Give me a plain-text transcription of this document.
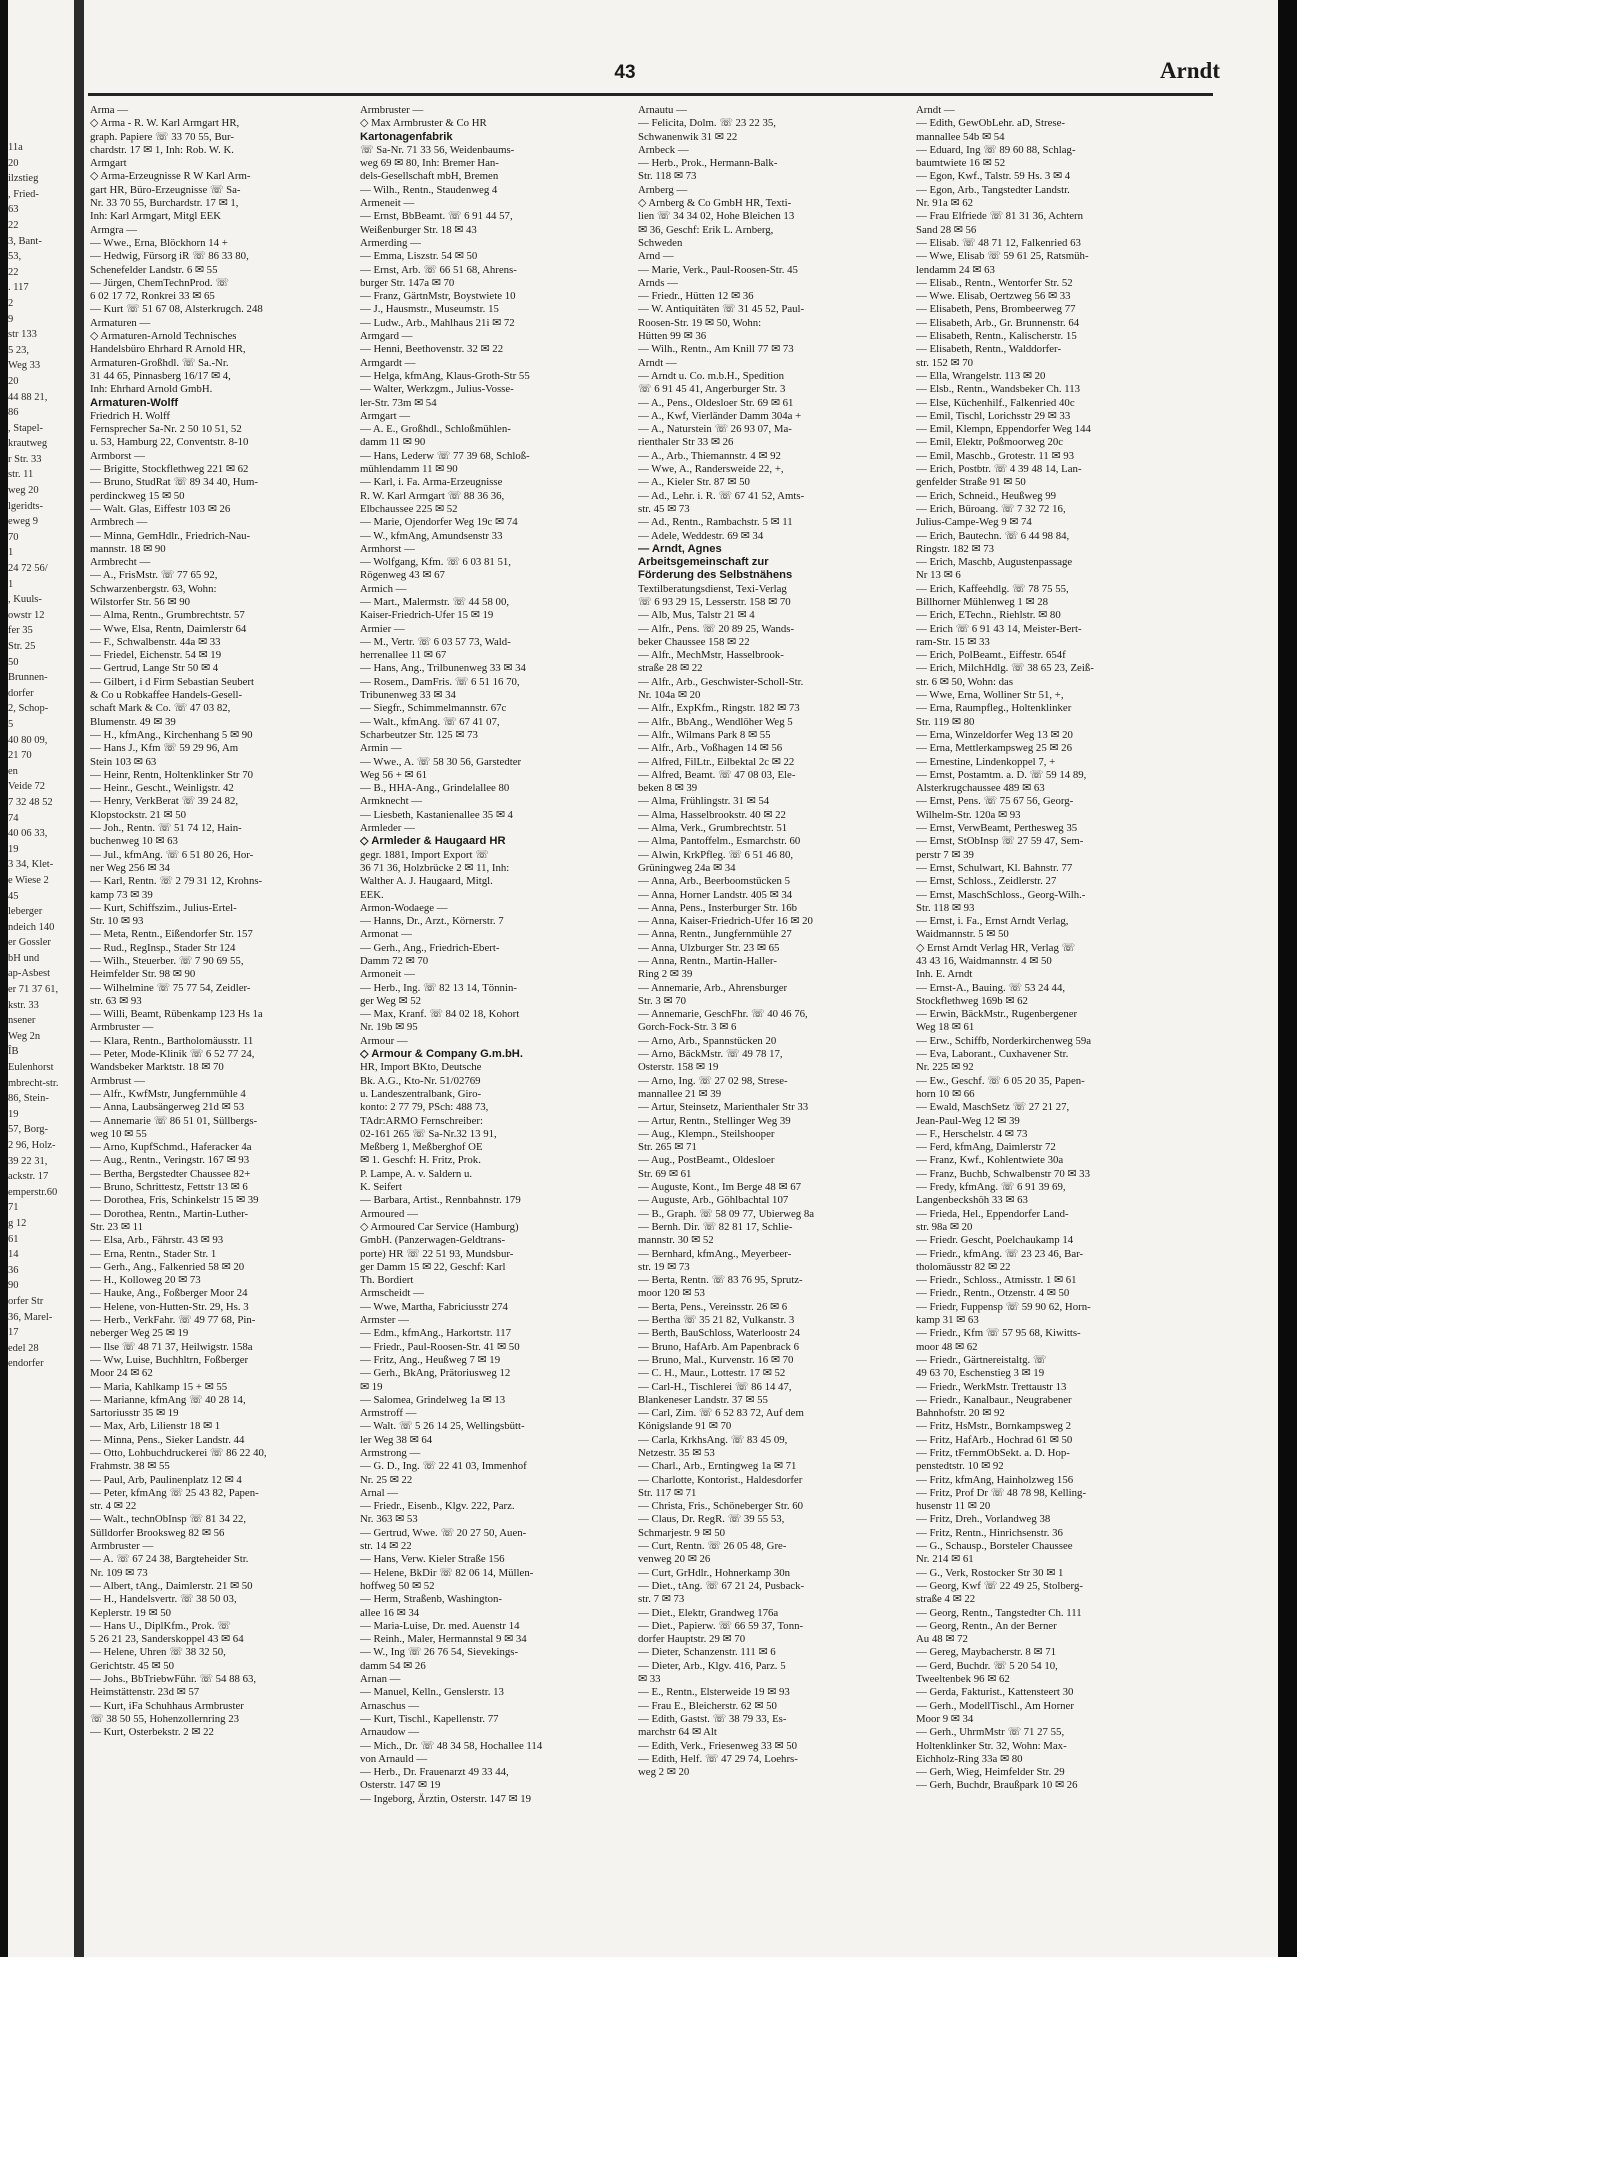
11a
20
ilzstieg
, Fried-
63
22
3, Bant-
53,
22
. 117
2
9
str 133
5 23,
Weg 33
20
44 88 21,
86
, Stapel-
krautweg
r Str. 33
str. 11
weg 20
lgeridts-
eweg 9
70
1
24 72 56/
1
, Kuuls-
owstr 12
fer 35
Str. 25
50
Brunnen-
dorfer
2, Schop-
5
40 80 09,
21 70
en
Veide 72
7 32 48 52
74
40 06 33,
19
3 34, Klet-
e Wiese 2
45
leberger
ndeich 140
er Gossler
bH und
ap-Asbest
er 71 37 61,
kstr. 33
nsener
Weg 2n
ÎB
Eulenhorst
mbrecht-str.
86, Stein-
19
57, Borg-
2 96, Holz-
39 22 31,
ackstr. 17
emperstr.60
71
g 12
61
14
36
90
orfer Str
36, Marel-
17
edel 28
endorfer
43	Arndt
Arma —
◇ Arma - R. W. Karl Armgart HR,
graph. Papiere ☏ 33 70 55, Bur-
chardstr. 17 ✉ 1, Inh: Rob. W. K.
Armgart
◇ Arma-Erzeugnisse R W Karl Arm-
gart HR, Büro-Erzeugnisse ☏ Sa-
Nr. 33 70 55, Burchardstr. 17 ✉ 1,
Inh: Karl Armgart, Mitgl EEK
Armgra —
— Wwe., Erna, Blöckhorn 14 +
— Hedwig, Fürsorg iR ☏ 86 33 80,
Schenefelder Landstr. 6 ✉ 55
— Jürgen, ChemTechnProd. ☏
6 02 17 72, Ronkrei 33 ✉ 65
— Kurt ☏ 51 67 08, Alsterkrugch. 248
Armaturen —
◇ Armaturen-Arnold Technisches
Handelsbüro Ehrhard R Arnold HR,
Armaturen-Großhdl. ☏ Sa.-Nr.
31 44 65, Pinnasberg 16/17 ✉ 4,
Inh: Ehrhard Arnold GmbH.
Armaturen-Wolff
Friedrich H. Wolff
Fernsprecher Sa-Nr. 2 50 10 51, 52
u. 53, Hamburg 22, Conventstr. 8-10
Armborst —
— Brigitte, Stockflethweg 221 ✉ 62
— Bruno, StudRat ☏ 89 34 40, Hum-
perdinckweg 15 ✉ 50
— Walt. Glas, Eiffestr 103 ✉ 26
Armbrech —
— Minna, GemHdlr., Friedrich-Nau-
mannstr. 18 ✉ 90
Armbrecht —
— A., FrisMstr. ☏ 77 65 92,
Schwarzenbergstr. 63, Wohn:
Wilstorfer Str. 56 ✉ 90
— Alma, Rentn., Grumbrechtstr. 57
— Wwe, Elsa, Rentn, Daimlerstr 64
— F., Schwalbenstr. 44a ✉ 33
— Friedel, Eichenstr. 54 ✉ 19
— Gertrud, Lange Str 50 ✉ 4
— Gilbert, i d Firm Sebastian Seubert
& Co u Robkaffee Handels-Gesell-
schaft Mark & Co. ☏ 47 03 82,
Blumenstr. 49 ✉ 39
— H., kfmAng., Kirchenhang 5 ✉ 90
— Hans J., Kfm ☏ 59 29 96, Am
Stein 103 ✉ 63
— Heinr, Rentn, Holtenklinker Str 70
— Heinr., Gescht., Weinligstr. 42
— Henry, VerkBerat ☏ 39 24 82,
Klopstockstr. 21 ✉ 50
— Joh., Rentn. ☏ 51 74 12, Hain-
buchenweg 10 ✉ 63
— Jul., kfmAng. ☏ 6 51 80 26, Hor-
ner Weg 256 ✉ 34
— Karl, Rentn. ☏ 2 79 31 12, Krohns-
kamp 73 ✉ 39
— Kurt, Schiffszim., Julius-Ertel-
Str. 10 ✉ 93
— Meta, Rentn., Eißendorfer Str. 157
— Rud., RegInsp., Stader Str 124
— Wilh., Steuerber. ☏ 7 90 69 55,
Heimfelder Str. 98 ✉ 90
— Wilhelmine ☏ 75 77 54, Zeidler-
str. 63 ✉ 93
— Willi, Beamt, Rübenkamp 123 Hs 1a
Armbruster —
— Klara, Rentn., Bartholomäusstr. 11
— Peter, Mode-Klinik ☏ 6 52 77 24,
Wandsbeker Marktstr. 18 ✉ 70
Armbrust —
— Alfr., KwfMstr, Jungfernmühle 4
— Anna, Laubsängerweg 21d ✉ 53
— Annemarie ☏ 86 51 01, Süllbergs-
weg 10 ✉ 55
— Arno, KupfSchmd., Haferacker 4a
— Aug., Rentn., Veringstr. 167 ✉ 93
— Bertha, Bergstedter Chaussee 82+
— Bruno, Schrittestz, Fettstr 13 ✉ 6
— Dorothea, Fris, Schinkelstr 15 ✉ 39
— Dorothea, Rentn., Martin-Luther-
Str. 23 ✉ 11
— Elsa, Arb., Fährstr. 43 ✉ 93
— Erna, Rentn., Stader Str. 1
— Gerh., Ang., Falkenried 58 ✉ 20
— H., Kolloweg 20 ✉ 73
— Hauke, Ang., Foßberger Moor 24
— Helene, von-Hutten-Str. 29, Hs. 3
— Herb., VerkFahr. ☏ 49 77 68, Pin-
neberger Weg 25 ✉ 19
— Ilse ☏ 48 71 37, Heilwigstr. 158a
— Ww, Luise, Buchhltrn, Foßberger
Moor 24 ✉ 62
— Maria, Kahlkamp 15 + ✉ 55
— Marianne, kfmAng ☏ 40 28 14,
Sartoriusstr 35 ✉ 19
— Max, Arb, Lilienstr 18 ✉ 1
— Minna, Pens., Sieker Landstr. 44
— Otto, Lohbuchdruckerei ☏ 86 22 40,
Frahmstr. 38 ✉ 55
— Paul, Arb, Paulinenplatz 12 ✉ 4
— Peter, kfmAng ☏ 25 43 82, Papen-
str. 4 ✉ 22
— Walt., technObInsp ☏ 81 34 22,
Sülldorfer Brooksweg 82 ✉ 56
Armbruster —
— A. ☏ 67 24 38, Bargteheider Str.
Nr. 109 ✉ 73
— Albert, tAng., Daimlerstr. 21 ✉ 50
— H., Handelsvertr. ☏ 38 50 03,
Keplerstr. 19 ✉ 50
— Hans U., DiplKfm., Prok. ☏
5 26 21 23, Sanderskoppel 43 ✉ 64
— Helene, Uhren ☏ 38 32 50,
Gerichtstr. 45 ✉ 50
— Johs., BbTriebwFühr. ☏ 54 88 63,
Heimstättenstr. 23d ✉ 57
— Kurt, iFa Schuhhaus Armbruster
☏ 38 50 55, Hohenzollernring 23
— Kurt, Osterbekstr. 2 ✉ 22
Armbruster —
◇ Max Armbruster & Co HR
Kartonagenfabrik
☏ Sa-Nr. 71 33 56, Weidenbaums-
weg 69 ✉ 80, Inh: Bremer Han-
dels-Gesellschaft mbH, Bremen
— Wilh., Rentn., Staudenweg 4
Armeneit —
— Ernst, BbBeamt. ☏ 6 91 44 57,
Weißenburger Str. 18 ✉ 43
Armerding —
— Emma, Liszstr. 54 ✉ 50
— Ernst, Arb. ☏ 66 51 68, Ahrens-
burger Str. 147a ✉ 70
— Franz, GärtnMstr, Boystwiete 10
— J., Hausmstr., Museumstr. 15
— Ludw., Arb., Mahlhaus 21i ✉ 72
Armgard —
— Henni, Beethovenstr. 32 ✉ 22
Armgardt —
— Helga, kfmAng, Klaus-Groth-Str 55
— Walter, Werkzgm., Julius-Vosse-
ler-Str. 73m ✉ 54
Armgart —
— A. E., Großhdl., Schloßmühlen-
damm 11 ✉ 90
— Hans, Lederw ☏ 77 39 68, Schloß-
mühlendamm 11 ✉ 90
— Karl, i. Fa. Arma-Erzeugnisse
R. W. Karl Armgart ☏ 88 36 36,
Elbchaussee 225 ✉ 52
— Marie, Ojendorfer Weg 19c ✉ 74
— W., kfmAng, Amundsenstr 33
Armhorst —
— Wolfgang, Kfm. ☏ 6 03 81 51,
Rögenweg 43 ✉ 67
Armich —
— Mart., Malermstr. ☏ 44 58 00,
Kaiser-Friedrich-Ufer 15 ✉ 19
Armier —
— M., Vertr. ☏ 6 03 57 73, Wald-
herrenallee 11 ✉ 67
— Hans, Ang., Trilbunenweg 33 ✉ 34
— Rosem., DamFris. ☏ 6 51 16 70,
Tribunenweg 33 ✉ 34
— Siegfr., Schimmelmannstr. 67c
— Walt., kfmAng. ☏ 67 41 07,
Scharbeutzer Str. 125 ✉ 73
Armin —
— Wwe., A. ☏ 58 30 56, Garstedter
Weg 56 + ✉ 61
— B., HHA-Ang., Grindelallee 80
Armknecht —
— Liesbeth, Kastanienallee 35 ✉ 4
Armleder —
◇ Armleder & Haugaard HR
gegr. 1881, Import Export ☏
36 71 36, Holzbrücke 2 ✉ 11, Inh:
Walther A. J. Haugaard, Mitgl.
EEK.
Armon-Wodaege —
— Hanns, Dr., Arzt., Körnerstr. 7
Armonat —
— Gerh., Ang., Friedrich-Ebert-
Damm 72 ✉ 70
Armoneit —
— Herb., Ing. ☏ 82 13 14, Tönnin-
ger Weg ✉ 52
— Max, Kranf. ☏ 84 02 18, Kohort
Nr. 19b ✉ 95
Armour —
◇ Armour & Company G.m.bH.
HR, Import BKto, Deutsche
Bk. A.G., Kto-Nr. 51/02769
u. Landeszentralbank, Giro-
konto: 2 77 79, PSch: 488 73,
TAdr:ARMO Fernschreiber:
02-161 265 ☏ Sa-Nr.32 13 91,
Meßberg 1, Meßberghof OE
✉ 1. Geschf: H. Fritz, Prok.
P. Lampe, A. v. Saldern u.
K. Seifert
— Barbara, Artist., Rennbahnstr. 179
Armoured —
◇ Armoured Car Service (Hamburg)
GmbH. (Panzerwagen-Geldtrans-
porte) HR ☏ 22 51 93, Mundsbur-
ger Damm 15 ✉ 22, Geschf: Karl
Th. Bordiert
Armscheidt —
— Wwe, Martha, Fabriciusstr 274
Armster —
— Edm., kfmAng., Harkortstr. 117
— Friedr., Paul-Roosen-Str. 41 ✉ 50
— Fritz, Ang., Heußweg 7 ✉ 19
— Gerh., BkAng, Prätoriusweg 12
✉ 19
— Salomea, Grindelweg 1a ✉ 13
Armstroff —
— Walt. ☏ 5 26 14 25, Wellingsbütt-
ler Weg 38 ✉ 64
Armstrong —
— G. D., Ing. ☏ 22 41 03, Immenhof
Nr. 25 ✉ 22
Arnal —
— Friedr., Eisenb., Klgv. 222, Parz.
Nr. 363 ✉ 53
— Gertrud, Wwe. ☏ 20 27 50, Auen-
str. 14 ✉ 22
— Hans, Verw. Kieler Straße 156
— Helene, BkDir ☏ 82 06 14, Müllen-
hoffweg 50 ✉ 52
— Herm, Straßenb, Washington-
allee 16 ✉ 34
— Maria-Luise, Dr. med. Auenstr 14
— Reinh., Maler, Hermannstal 9 ✉ 34
— W., Ing ☏ 26 76 54, Sievekings-
damm 54 ✉ 26
Arnan —
— Manuel, Kelln., Genslerstr. 13
Arnaschus —
— Kurt, Tischl., Kapellenstr. 77
Arnaudow —
— Mich., Dr. ☏ 48 34 58, Hochallee 114
von Arnauld —
— Herb., Dr. Frauenarzt 49 33 44,
Osterstr. 147 ✉ 19
— Ingeborg, Ärztin, Osterstr. 147 ✉ 19
Arnautu —
— Felicita, Dolm. ☏ 23 22 35,
Schwanenwik 31 ✉ 22
Arnbeck —
— Herb., Prok., Hermann-Balk-
Str. 118 ✉ 73
Arnberg —
◇ Arnberg & Co GmbH HR, Texti-
lien ☏ 34 34 02, Hohe Bleichen 13
✉ 36, Geschf: Erik L. Arnberg,
Schweden
Arnd —
— Marie, Verk., Paul-Roosen-Str. 45
Arnds —
— Friedr., Hütten 12 ✉ 36
— W. Antiquitäten ☏ 31 45 52, Paul-
Roosen-Str. 19 ✉ 50, Wohn:
Hütten 99 ✉ 36
— Wilh., Rentn., Am Knill 77 ✉ 73
Arndt —
— Arndt u. Co. m.b.H., Spedition
☏ 6 91 45 41, Angerburger Str. 3
— A., Pens., Oldesloer Str. 69 ✉ 61
— A., Kwf, Vierländer Damm 304a +
— A., Naturstein ☏ 26 93 07, Ma-
rienthaler Str 33 ✉ 26
— A., Arb., Thiemannstr. 4 ✉ 92
— Wwe, A., Randersweide 22, +,
— A., Kieler Str. 87 ✉ 50
— Ad., Lehr. i. R. ☏ 67 41 52, Amts-
str. 45 ✉ 73
— Ad., Rentn., Rambachstr. 5 ✉ 11
— Adele, Weddestr. 69 ✉ 34
— Arndt, Agnes
Arbeitsgemeinschaft zur
Förderung des Selbstnähens
Textilberatungsdienst, Texi-Verlag
☏ 6 93 29 15, Lesserstr. 158 ✉ 70
— Alb, Mus, Talstr 21 ✉ 4
— Alfr., Pens. ☏ 20 89 25, Wands-
beker Chaussee 158 ✉ 22
— Alfr., MechMstr, Hasselbrook-
straße 28 ✉ 22
— Alfr., Arb., Geschwister-Scholl-Str.
Nr. 104a ✉ 20
— Alfr., ExpKfm., Ringstr. 182 ✉ 73
— Alfr., BbAng., Wendlöher Weg 5
— Alfr., Wilmans Park 8 ✉ 55
— Alfr., Arb., Voßhagen 14 ✉ 56
— Alfred, FilLtr., Eilbektal 2c ✉ 22
— Alfred, Beamt. ☏ 47 08 03, Ele-
beken 8 ✉ 39
— Alma, Frühlingstr. 31 ✉ 54
— Alma, Hasselbrookstr. 40 ✉ 22
— Alma, Verk., Grumbrechtstr. 51
— Alma, Pantoffelm., Esmarchstr. 60
— Alwin, KrkPfleg. ☏ 6 51 46 80,
Grüningweg 24a ✉ 34
— Anna, Arb., Beerboomstücken 5
— Anna, Horner Landstr. 405 ✉ 34
— Anna, Pens., Insterburger Str. 16b
— Anna, Kaiser-Friedrich-Ufer 16 ✉ 20
— Anna, Rentn., Jungfernmühle 27
— Anna, Ulzburger Str. 23 ✉ 65
— Anna, Rentn., Martin-Haller-
Ring 2 ✉ 39
— Annemarie, Arb., Ahrensburger
Str. 3 ✉ 70
— Annemarie, GeschFhr. ☏ 40 46 76,
Gorch-Fock-Str. 3 ✉ 6
— Arno, Arb., Spannstücken 20
— Arno, BäckMstr. ☏ 49 78 17,
Osterstr. 158 ✉ 19
— Arno, Ing. ☏ 27 02 98, Strese-
mannallee 21 ✉ 39
— Artur, Steinsetz, Marienthaler Str 33
— Artur, Rentn., Stellinger Weg 39
— Aug., Klempn., Steilshooper
Str. 265 ✉ 71
— Aug., PostBeamt., Oldesloer
Str. 69 ✉ 61
— Auguste, Kont., Im Berge 48 ✉ 67
— Auguste, Arb., Göhlbachtal 107
— B., Graph. ☏ 58 09 77, Ubierweg 8a
— Bernh. Dir. ☏ 82 81 17, Schlie-
mannstr. 30 ✉ 52
— Bernhard, kfmAng., Meyerbeer-
str. 19 ✉ 73
— Berta, Rentn. ☏ 83 76 95, Sprutz-
moor 120 ✉ 53
— Berta, Pens., Vereinsstr. 26 ✉ 6
— Bertha ☏ 35 21 82, Vulkanstr. 3
— Berth, BauSchloss, Waterloostr 24
— Bruno, HafArb. Am Papenbrack 6
— Bruno, Mal., Kurvenstr. 16 ✉ 70
— C. H., Maur., Lottestr. 17 ✉ 52
— Carl-H., Tischlerei ☏ 86 14 47,
Blankeneser Landstr. 37 ✉ 55
— Carl, Zim. ☏ 6 52 83 72, Auf dem
Königslande 91 ✉ 70
— Carla, KrkhsAng. ☏ 83 45 09,
Netzestr. 35 ✉ 53
— Charl., Arb., Erntingweg 1a ✉ 71
— Charlotte, Kontorist., Haldesdorfer
Str. 117 ✉ 71
— Christa, Fris., Schöneberger Str. 60
— Claus, Dr. RegR. ☏ 39 55 53,
Schmarjestr. 9 ✉ 50
— Curt, Rentn. ☏ 26 05 48, Gre-
venweg 20 ✉ 26
— Curt, GrHdlr., Hohnerkamp 30n
— Diet., tAng. ☏ 67 21 24, Pusback-
str. 7 ✉ 73
— Diet., Elektr, Grandweg 176a
— Diet., Papierw. ☏ 66 59 37, Tonn-
dorfer Hauptstr. 29 ✉ 70
— Dieter, Schanzenstr. 111 ✉ 6
— Dieter, Arb., Klgv. 416, Parz. 5
✉ 33
— E., Rentn., Elsterweide 19 ✉ 93
— Frau E., Bleicherstr. 62 ✉ 50
— Edith, Gastst. ☏ 38 79 33, Es-
marchstr 64 ✉ Alt
— Edith, Verk., Friesenweg 33 ✉ 50
— Edith, Helf. ☏ 47 29 74, Loehrs-
weg 2 ✉ 20
Arndt —
— Edith, GewObLehr. aD, Strese-
mannallee 54b ✉ 54
— Eduard, Ing ☏ 89 60 88, Schlag-
baumtwiete 16 ✉ 52
— Egon, Kwf., Talstr. 59 Hs. 3 ✉ 4
— Egon, Arb., Tangstedter Landstr.
Nr. 91a ✉ 62
— Frau Elfriede ☏ 81 31 36, Achtern
Sand 28 ✉ 56
— Elisab. ☏ 48 71 12, Falkenried 63
— Wwe, Elisab ☏ 59 61 25, Ratsmüh-
lendamm 24 ✉ 63
— Elisab., Rentn., Wentorfer Str. 52
— Wwe. Elisab, Oertzweg 56 ✉ 33
— Elisabeth, Pens, Brombeerweg 77
— Elisabeth, Arb., Gr. Brunnenstr. 64
— Elisabeth, Rentn., Kalischerstr. 15
— Elisabeth, Rentn., Walddorfer-
str. 152 ✉ 70
— Ella, Wrangelstr. 113 ✉ 20
— Elsb., Rentn., Wandsbeker Ch. 113
— Else, Küchenhilf., Falkenried 40c
— Emil, Tischl, Lorichsstr 29 ✉ 33
— Emil, Klempn, Eppendorfer Weg 144
— Emil, Elektr, Poßmoorweg 20c
— Emil, Maschb., Grotestr. 11 ✉ 93
— Erich, Postbtr. ☏ 4 39 48 14, Lan-
genfelder Straße 91 ✉ 50
— Erich, Schneid., Heußweg 99
— Erich, Büroang. ☏ 7 32 72 16,
Julius-Campe-Weg 9 ✉ 74
— Erich, Bautechn. ☏ 6 44 98 84,
Ringstr. 182 ✉ 73
— Erich, Maschb, Augustenpassage
Nr 13 ✉ 6
— Erich, Kaffeehdlg. ☏ 78 75 55,
Billhorner Mühlenweg 1 ✉ 28
— Erich, ETechn., Riehlstr. ✉ 80
— Erich ☏ 6 91 43 14, Meister-Bert-
ram-Str. 15 ✉ 33
— Erich, PolBeamt., Eiffestr. 654f
— Erich, MilchHdlg. ☏ 38 65 23, Zeiß-
str. 6 ✉ 50, Wohn: das
— Wwe, Erna, Wolliner Str 51, +,
— Erna, Raumpfleg., Holtenklinker
Str. 119 ✉ 80
— Erna, Winzeldorfer Weg 13 ✉ 20
— Erna, Mettlerkampsweg 25 ✉ 26
— Ernestine, Lindenkoppel 7, +
— Ernst, Postamtm. a. D. ☏ 59 14 89,
Alsterkrugchaussee 489 ✉ 63
— Ernst, Pens. ☏ 75 67 56, Georg-
Wilhelm-Str. 120a ✉ 93
— Ernst, VerwBeamt, Perthesweg 35
— Ernst, StObInsp ☏ 27 59 47, Sem-
perstr 7 ✉ 39
— Ernst, Schulwart, Kl. Bahnstr. 77
— Ernst, Schloss., Zeidlerstr. 27
— Ernst, MaschSchloss., Georg-Wilh.-
Str. 118 ✉ 93
— Ernst, i. Fa., Ernst Arndt Verlag,
Waidmannstr. 5 ✉ 50
◇ Ernst Arndt Verlag HR, Verlag ☏
43 43 16, Waidmannstr. 4 ✉ 50
Inh. E. Arndt
— Ernst-A., Bauing. ☏ 53 24 44,
Stockflethweg 169b ✉ 62
— Erwin, BäckMstr., Rugenbergener
Weg 18 ✉ 61
— Erw., Schiffb, Norderkirchenweg 59a
— Eva, Laborant., Cuxhavener Str.
Nr. 225 ✉ 92
— Ew., Geschf. ☏ 6 05 20 35, Papen-
horn 10 ✉ 66
— Ewald, MaschSetz ☏ 27 21 27,
Jean-Paul-Weg 12 ✉ 39
— F., Herschelstr. 4 ✉ 73
— Ferd, kfmAng, Daimlerstr 72
— Franz, Kwf., Kohlentwiete 30a
— Franz, Buchb, Schwalbenstr 70 ✉ 33
— Fredy, kfmAng. ☏ 6 91 39 69,
Langenbeckshöh 33 ✉ 63
— Frieda, Hel., Eppendorfer Land-
str. 98a ✉ 20
— Friedr. Gescht, Poelchaukamp 14
— Friedr., kfmAng. ☏ 23 23 46, Bar-
tholomäusstr 82 ✉ 22
— Friedr., Schloss., Atmisstr. 1 ✉ 61
— Friedr., Rentn., Otzenstr. 4 ✉ 50
— Friedr, Fuppensp ☏ 59 90 62, Horn-
kamp 31 ✉ 63
— Friedr., Kfm ☏ 57 95 68, Kiwitts-
moor 48 ✉ 62
— Friedr., Gärtnereistaltg. ☏
49 63 70, Eschenstieg 3 ✉ 19
— Friedr., WerkMstr. Trettaustr 13
— Friedr., Kanalbaur., Neugrabener
Bahnhofstr. 20 ✉ 92
— Fritz, HsMstr., Bornkampsweg 2
— Fritz, HafArb., Hochrad 61 ✉ 50
— Fritz, tFernmObSekt. a. D. Hop-
penstedtstr. 10 ✉ 92
— Fritz, kfmAng, Hainholzweg 156
— Fritz, Prof Dr ☏ 48 78 98, Kelling-
husenstr 11 ✉ 20
— Fritz, Dreh., Vorlandweg 38
— Fritz, Rentn., Hinrichsenstr. 36
— G., Schausp., Borsteler Chaussee
Nr. 214 ✉ 61
— G., Verk, Rostocker Str 30 ✉ 1
— Georg, Kwf ☏ 22 49 25, Stolberg-
straße 4 ✉ 22
— Georg, Rentn., Tangstedter Ch. 111
— Georg, Rentn., An der Berner
Au 48 ✉ 72
— Gereg, Maybacherstr. 8 ✉ 71
— Gerd, Buchdr. ☏ 5 20 54 10,
Tweeltenbek 96 ✉ 62
— Gerda, Fakturist., Kattensteert 30
— Gerh., ModellTischl., Am Horner
Moor 9 ✉ 34
— Gerh., UhrmMstr ☏ 71 27 55,
Holtenklinker Str. 32, Wohn: Max-
Eichholz-Ring 33a ✉ 80
— Gerh, Wieg, Heimfelder Str. 29
— Gerh, Buchdr, Braußpark 10 ✉ 26
